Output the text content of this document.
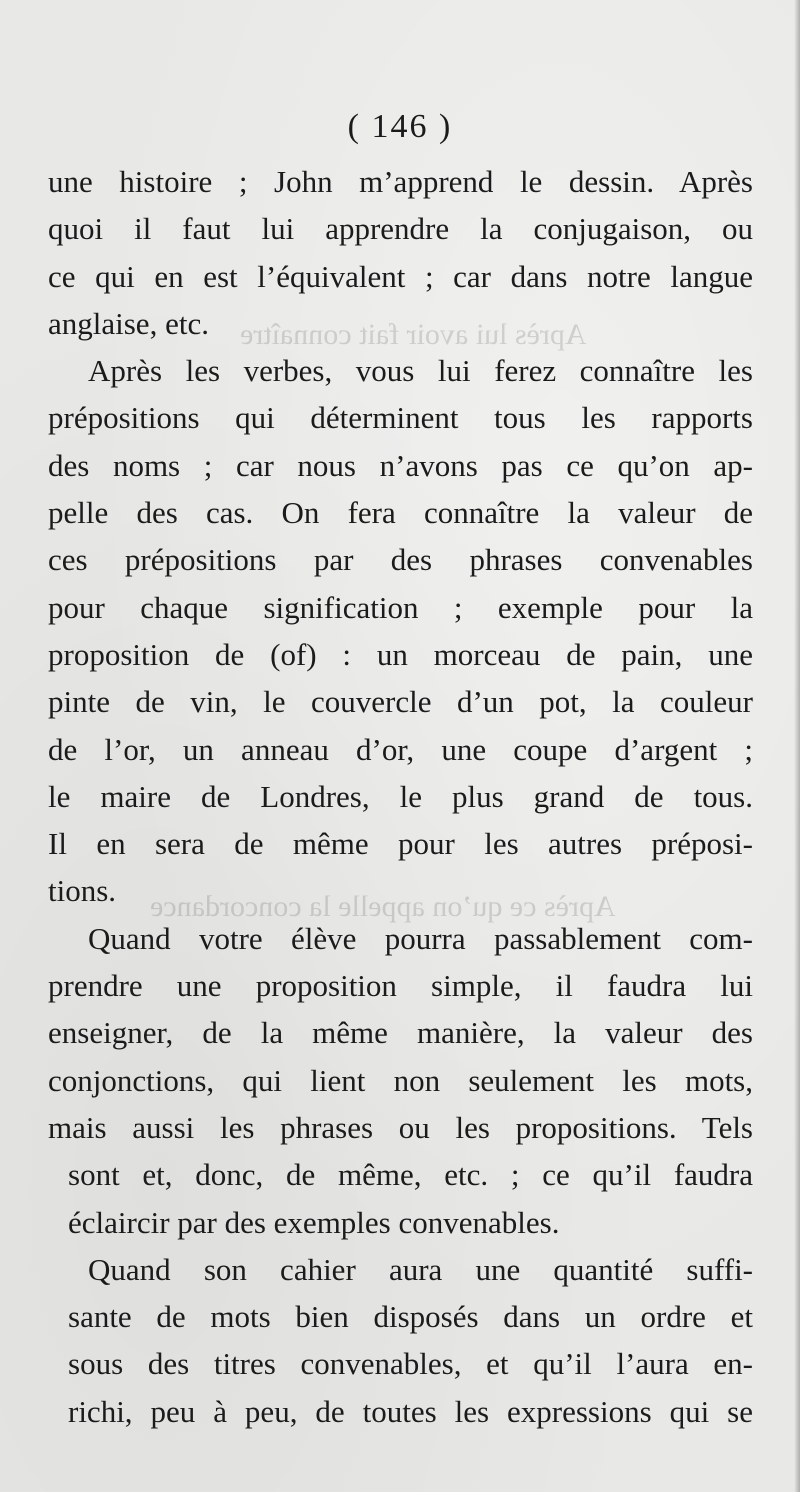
Après lui avoir fait connaître
Après ce qu’on appelle la concordance
( 146 )
une histoire ; John m’apprend le dessin. Après
quoi il faut lui apprendre la conjugaison, ou
ce qui en est l’équivalent ; car dans notre langue
anglaise, etc.
Après les verbes, vous lui ferez connaître les
prépositions qui déterminent tous les rapports
des noms ; car nous n’avons pas ce qu’on ap-
pelle des cas. On fera connaître la valeur de
ces prépositions par des phrases convenables
pour chaque signification ; exemple pour la
proposition de (of) : un morceau de pain, une
pinte de vin, le couvercle d’un pot, la couleur
de l’or, un anneau d’or, une coupe d’argent ;
le maire de Londres, le plus grand de tous.
Il en sera de même pour les autres préposi-
tions.
Quand votre élève pourra passablement com-
prendre une proposition simple, il faudra lui
enseigner, de la même manière, la valeur des
conjonctions, qui lient non seulement les mots,
mais aussi les phrases ou les propositions. Tels
sont et, donc, de même, etc. ; ce qu’il faudra
éclaircir par des exemples convenables.
Quand son cahier aura une quantité suffi-
sante de mots bien disposés dans un ordre et
sous des titres convenables, et qu’il l’aura en-
richi, peu à peu, de toutes les expressions qui se
